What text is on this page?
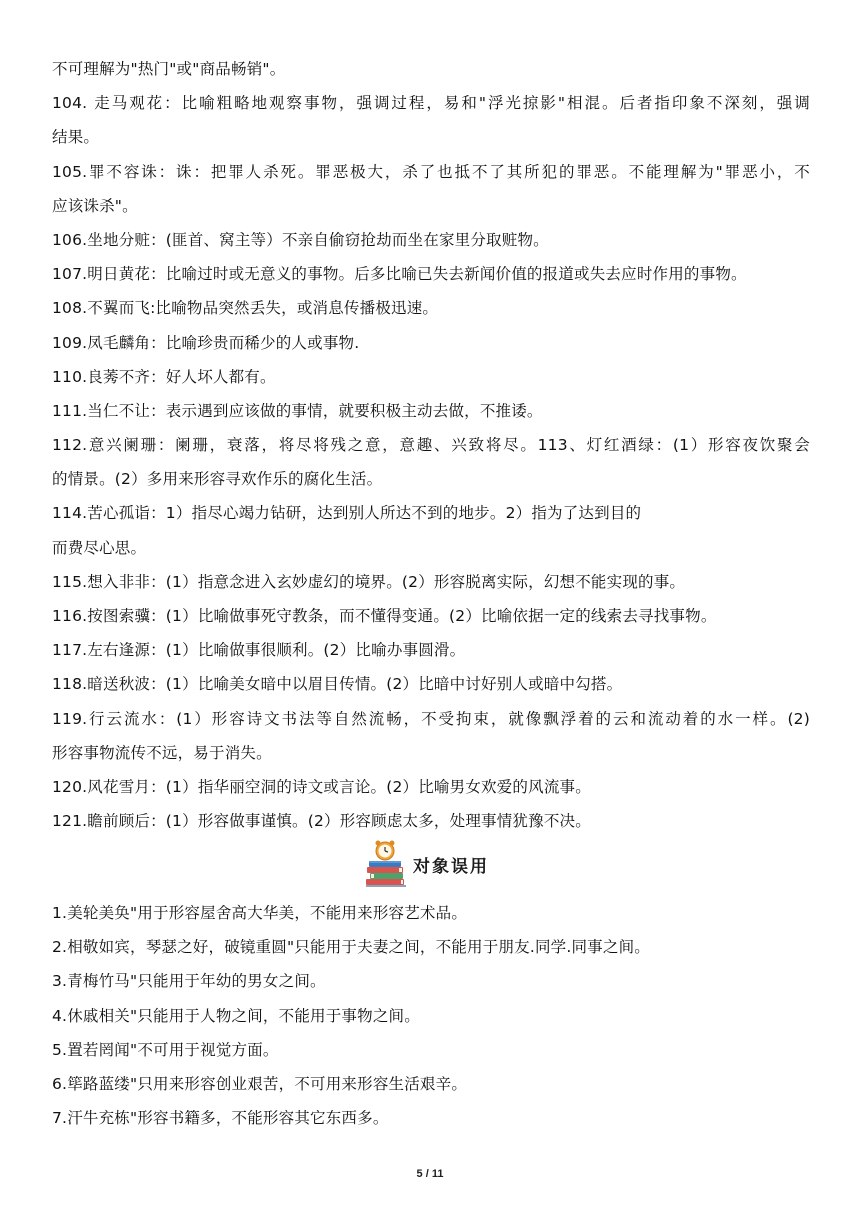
不可理解为"热门"或"商品畅销"。
104. 走马观花：比喻粗略地观察事物，强调过程，易和"浮光掠影"相混。后者指印象不深刻，强调
结果。
105.罪不容诛：诛：把罪人杀死。罪恶极大，杀了也抵不了其所犯的罪恶。不能理解为"罪恶小，不
应该诛杀"。
106.坐地分赃：(匪首、窝主等）不亲自偷窃抢劫而坐在家里分取赃物。
107.明日黄花：比喻过时或无意义的事物。后多比喻已失去新闻价值的报道或失去应时作用的事物。
108.不翼而飞:比喻物品突然丢失，或消息传播极迅速。
109.凤毛麟角：比喻珍贵而稀少的人或事物.
110.良莠不齐：好人坏人都有。
111.当仁不让：表示遇到应该做的事情，就要积极主动去做，不推诿。
112.意兴阑珊：阑珊，衰落，将尽将残之意，意趣、兴致将尽。113、灯红酒绿：(1）形容夜饮聚会
的情景。(2）多用来形容寻欢作乐的腐化生活。
114.苦心孤诣：1）指尽心竭力钻研，达到别人所达不到的地步。2）指为了达到目的
而费尽心思。
115.想入非非：(1）指意念进入玄妙虚幻的境界。(2）形容脱离实际，幻想不能实现的事。
116.按图索骥：(1）比喻做事死守教条，而不懂得变通。(2）比喻依据一定的线索去寻找事物。
117.左右逢源：(1）比喻做事很顺利。(2）比喻办事圆滑。
118.暗送秋波：(1）比喻美女暗中以眉目传情。(2）比暗中讨好别人或暗中勾搭。
119.行云流水：(1）形容诗文书法等自然流畅，不受拘束，就像飘浮着的云和流动着的水一样。(2)
形容事物流传不远，易于消失。
120.风花雪月：(1）指华丽空洞的诗文或言论。(2）比喻男女欢爱的风流事。
121.瞻前顾后：(1）形容做事谨慎。(2）形容顾虑太多，处理事情犹豫不决。
对象误用
1.美轮美奂"用于形容屋舍高大华美，不能用来形容艺术品。
2.相敬如宾，琴瑟之好，破镜重圆"只能用于夫妻之间，不能用于朋友.同学.同事之间。
3.青梅竹马"只能用于年幼的男女之间。
4.休戚相关"只能用于人物之间，不能用于事物之间。
5.置若罔闻"不可用于视觉方面。
6.筚路蓝缕"只用来形容创业艰苦，不可用来形容生活艰辛。
7.汗牛充栋"形容书籍多，不能形容其它东西多。
5 / 11
